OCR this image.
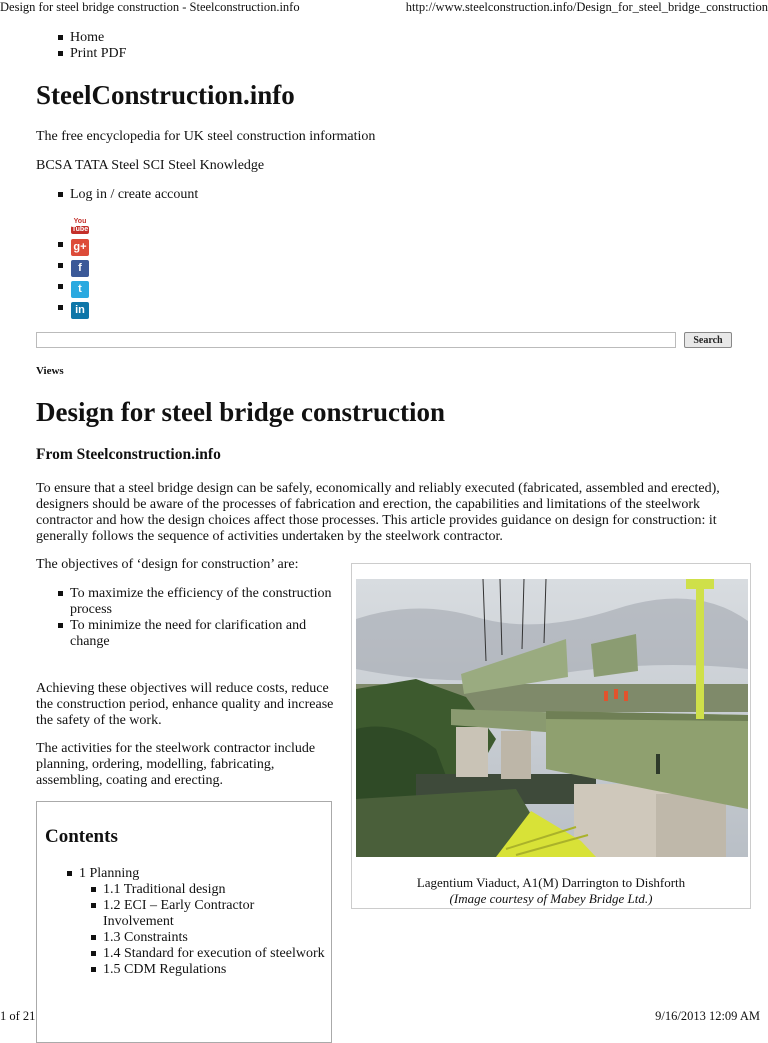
Design for steel bridge construction - Steelconstruction.info	http://www.steelconstruction.info/Design_for_steel_bridge_construction
Home
Print PDF
SteelConstruction.info
The free encyclopedia for UK steel construction information
BCSA TATA Steel SCI Steel Knowledge
Log in / create account
You
Tube
g+
f
t
in
Search
Views
Design for steel bridge construction
From Steelconstruction.info

To ensure that a steel bridge design can be safely, economically and reliably executed (fabricated, assembled and erected), designers should be aware of the processes of fabrication and erection, the capabilities and limitations of the steelwork contractor and how the design choices affect those processes. This article provides guidance on design for construction: it generally follows the sequence of activities undertaken by the steelwork contractor.

The objectives of ‘design for construction’ are:
To maximize the efficiency of the construction process
To minimize the need for clarification and change

Achieving these objectives will reduce costs, reduce the construction period, enhance quality and increase the safety of the work.

The activities for the steelwork contractor include planning, ordering, modelling, fabricating, assembling, coating and erecting.

Contents
1 Planning
1.1 Traditional design
1.2 ECI – Early Contractor Involvement
1.3 Constraints
1.4 Standard for execution of steelwork
1.5 CDM Regulations
Lagentium Viaduct, A1(M) Darrington to Dishforth
(Image courtesy of Mabey Bridge Ltd.)
1 of 21	9/16/2013 12:09 AM
